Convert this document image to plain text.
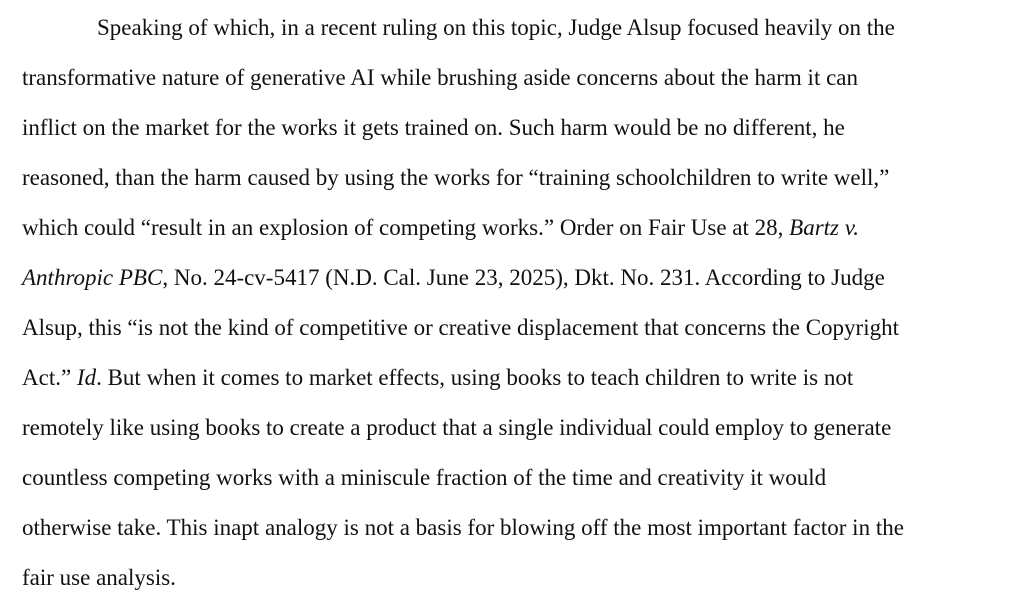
Speaking of which, in a recent ruling on this topic, Judge Alsup focused heavily on the
transformative nature of generative AI while brushing aside concerns about the harm it can
inflict on the market for the works it gets trained on. Such harm would be no different, he
reasoned, than the harm caused by using the works for “training schoolchildren to write well,”
which could “result in an explosion of competing works.” Order on Fair Use at 28, Bartz v.
Anthropic PBC, No. 24-cv-5417 (N.D. Cal. June 23, 2025), Dkt. No. 231. According to Judge
Alsup, this “is not the kind of competitive or creative displacement that concerns the Copyright
Act.” Id. But when it comes to market effects, using books to teach children to write is not
remotely like using books to create a product that a single individual could employ to generate
countless competing works with a miniscule fraction of the time and creativity it would
otherwise take. This inapt analogy is not a basis for blowing off the most important factor in the
fair use analysis.
